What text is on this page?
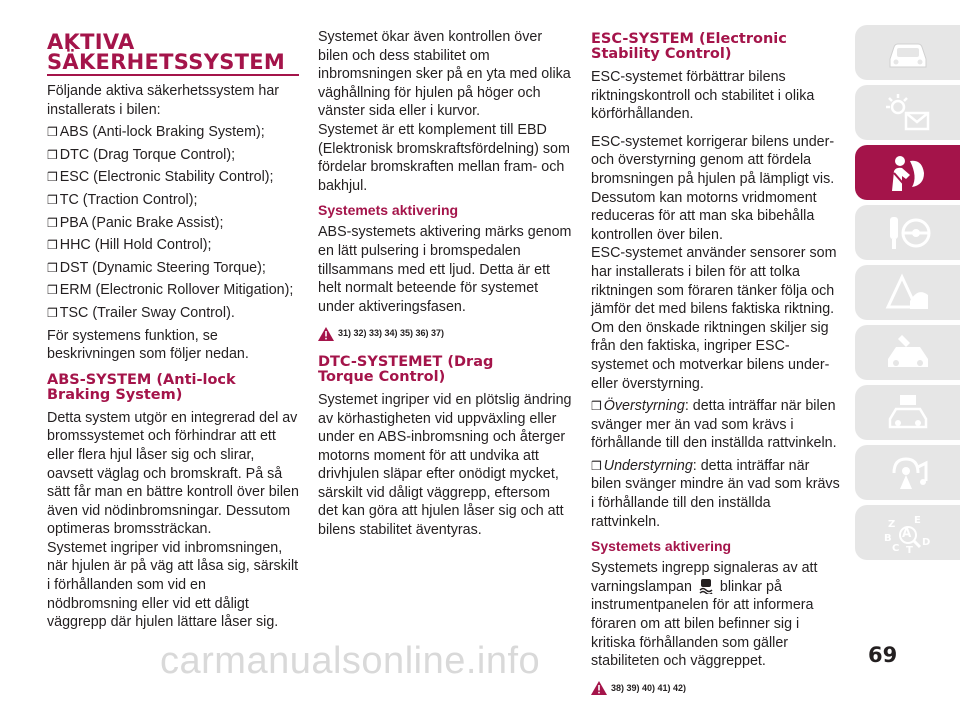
AKTIVA
SÄKERHETSSYSTEM

Följande aktiva säkerhetssystem har installerats i bilen:

❒ ABS (Anti-lock Braking System);

❒ DTC (Drag Torque Control);

❒ ESC (Electronic Stability Control);

❒ TC (Traction Control);

❒ PBA (Panic Brake Assist);

❒ HHC (Hill Hold Control);

❒ DST (Dynamic Steering Torque);

❒ ERM (Electronic Rollover Mitigation);

❒ TSC (Trailer Sway Control).

För systemens funktion, se beskrivningen som följer nedan.

ABS-SYSTEM (Anti-lock
Braking System)

Detta system utgör en integrerad del av bromssystemet och förhindrar att ett eller flera hjul låser sig och slirar, oavsett väglag och bromskraft. På så sätt får man en bättre kontroll över bilen även vid nödinbromsningar. Dessutom optimeras bromssträckan.

Systemet ingriper vid inbromsningen, när hjulen är på väg att låsa sig, särskilt i förhållanden som vid en nödbromsning eller vid ett dåligt väggrepp där hjulen lättare låser sig.

Systemet ökar även kontrollen över bilen och dess stabilitet om inbromsningen sker på en yta med olika väghållning för hjulen på höger och vänster sida eller i kurvor.

Systemet är ett komplement till EBD (Elektronisk bromskraftsfördelning) som fördelar bromskraften mellan fram- och bakhjul.

Systemets aktivering

ABS-systemets aktivering märks genom en lätt pulsering i bromspedalen tillsammans med ett ljud. Detta är ett helt normalt beteende för systemet under aktiveringsfasen.

31) 32) 33) 34) 35) 36) 37)
DTC-SYSTEMET (Drag
Torque Control)

Systemet ingriper vid en plötslig ändring av körhastigheten vid uppväxling eller under en ABS-inbromsning och återger motorns moment för att undvika att drivhjulen släpar efter onödigt mycket, särskilt vid dåligt väggrepp, eftersom det kan göra att hjulen låser sig och att bilens stabilitet äventyras.

ESC-SYSTEM (Electronic
Stability Control)

ESC-systemet förbättrar bilens riktningskontroll och stabilitet i olika körförhållanden.

ESC-systemet korrigerar bilens under- och överstyrning genom att fördela bromsningen på hjulen på lämpligt vis. Dessutom kan motorns vridmoment reduceras för att man ska bibehålla kontrollen över bilen.

ESC-systemet använder sensorer som har installerats i bilen för att tolka riktningen som föraren tänker följa och jämför det med bilens faktiska riktning. Om den önskade riktningen skiljer sig från den faktiska, ingriper ESC-systemet och motverkar bilens under- eller överstyrning.

❒ Överstyrning: detta inträffar när bilen svänger mer än vad som krävs i förhållande till den inställda rattvinkeln.

❒ Understyrning: detta inträffar när bilen svänger mindre än vad som krävs i förhållande till den inställda rattvinkeln.

Systemets aktivering

Systemets ingrepp signaleras av att varningslampan blinkar på instrumentpanelen för att informera föraren om att bilen befinner sig i kritiska förhållanden som gäller stabiliteten och väggreppet.

38) 39) 40) 41) 42)
Z E
B A
C T
D
69
carmanualsonline.info
